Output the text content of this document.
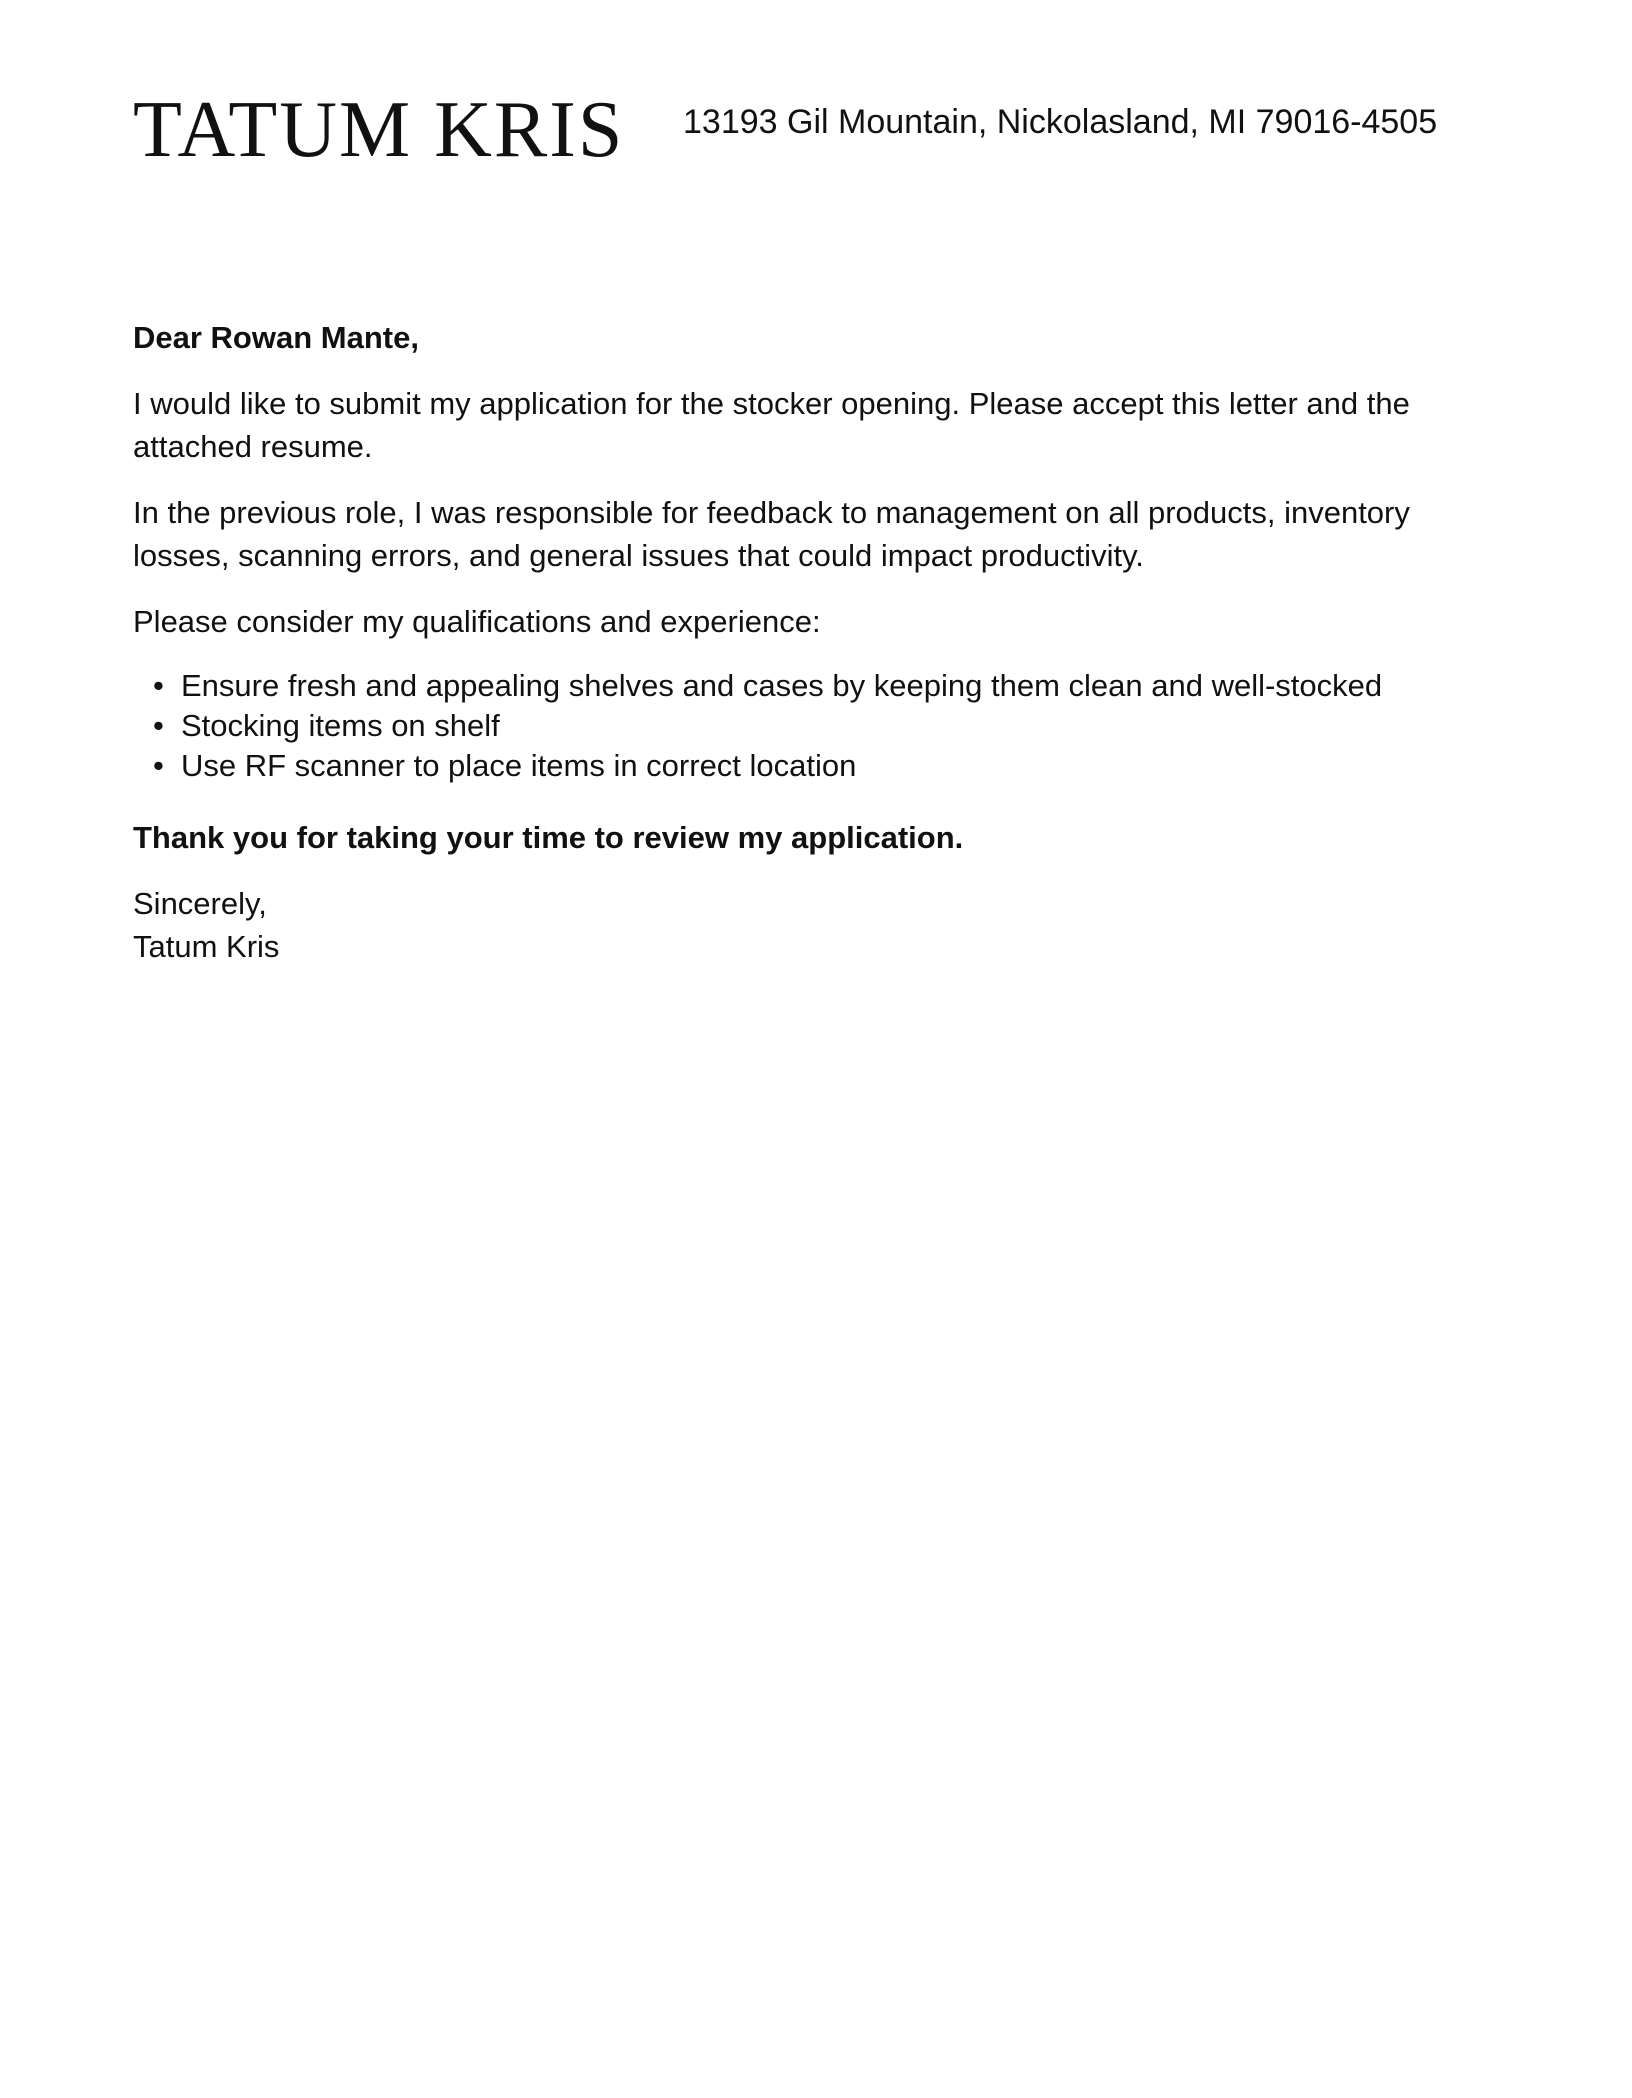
TATUM KRIS 13193 Gil Mountain, Nickolasland, MI 79016-4505

Dear Rowan Mante,

I would like to submit my application for the stocker opening. Please accept this letter and the attached resume.

In the previous role, I was responsible for feedback to management on all products, inventory losses, scanning errors, and general issues that could impact productivity.

Please consider my qualifications and experience:

• Ensure fresh and appealing shelves and cases by keeping them clean and well-stocked
• Stocking items on shelf
• Use RF scanner to place items in correct location

Thank you for taking your time to review my application.

Sincerely,
Tatum Kris
